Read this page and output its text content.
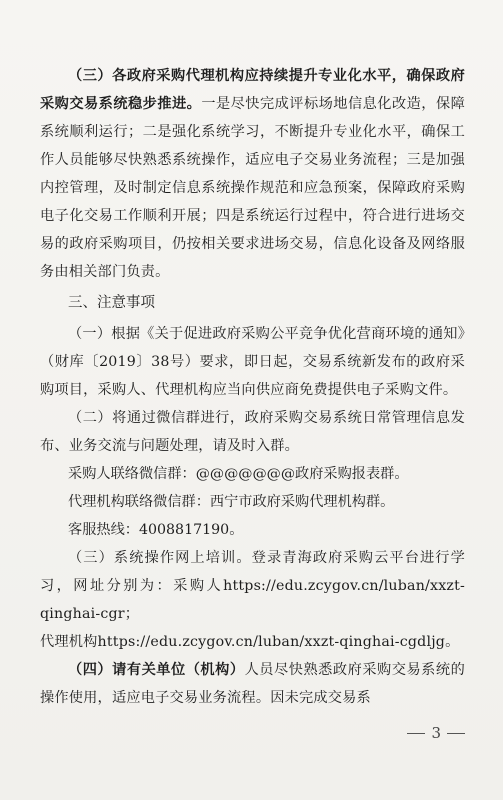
（三）各政府采购代理机构应持续提升专业化水平，确保政府采购交易系统稳步推进。一是尽快完成评标场地信息化改造，保障系统顺利运行；二是强化系统学习，不断提升专业化水平，确保工作人员能够尽快熟悉系统操作，适应电子交易业务流程；三是加强内控管理，及时制定信息系统操作规范和应急预案，保障政府采购电子化交易工作顺利开展；四是系统运行过程中，符合进行进场交易的政府采购项目，仍按相关要求进场交易，信息化设备及网络服务由相关部门负责。

三、注意事项

（一）根据《关于促进政府采购公平竞争优化营商环境的通知》（财库〔2019〕38号）要求，即日起，交易系统新发布的政府采购项目，采购人、代理机构应当向供应商免费提供电子采购文件。

（二）将通过微信群进行，政府采购交易系统日常管理信息发布、业务交流与问题处理，请及时入群。

采购人联络微信群：@@@@@@@政府采购报表群。

代理机构联络微信群：西宁市政府采购代理机构群。

客服热线：4008817190。

（三）系统操作网上培训。登录青海政府采购云平台进行学习，网址分别为：采购人https://edu.zcygov.cn/luban/xxzt-qinghai-cgr；

代理机构https://edu.zcygov.cn/luban/xxzt-qinghai-cgdljg。

（四）请有关单位（机构）人员尽快熟悉政府采购交易系统的操作使用，适应电子交易业务流程。因未完成交易系

3
